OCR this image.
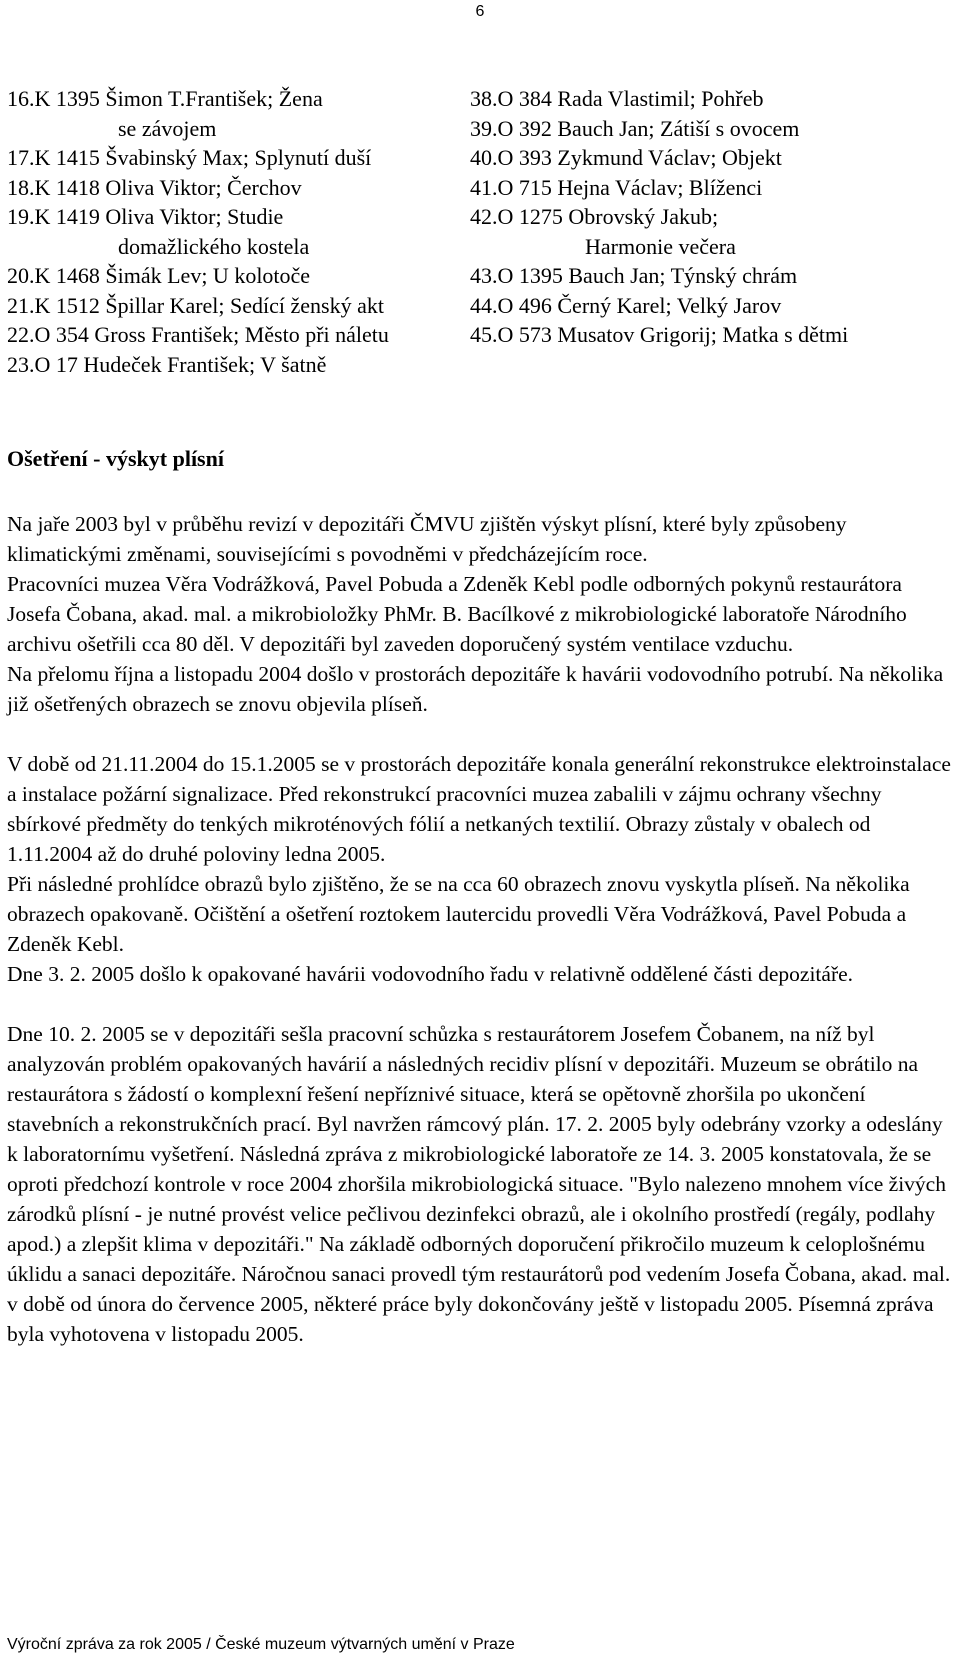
6
16.K 1395 Šimon T.František; Žena
se závojem
17.K 1415 Švabinský Max; Splynutí duší
18.K 1418 Oliva Viktor; Čerchov
19.K 1419 Oliva Viktor; Studie
domažlického kostela
20.K 1468 Šimák Lev; U kolotoče
21.K 1512 Špillar Karel; Sedící ženský akt
22.O 354 Gross František; Město při náletu
23.O 17 Hudeček František; V šatně
38.O 384 Rada Vlastimil; Pohřeb
39.O 392 Bauch Jan; Zátiší s ovocem
40.O 393 Zykmund Václav; Objekt
41.O 715 Hejna Václav; Blíženci
42.O 1275 Obrovský Jakub;
Harmonie večera
43.O 1395 Bauch Jan; Týnský chrám
44.O 496 Černý Karel; Velký Jarov
45.O 573 Musatov Grigorij; Matka s dětmi
Ošetření - výskyt plísní

Na jaře 2003 byl v průběhu revizí v depozitáři ČMVU zjištěn výskyt plísní, které byly způsobeny klimatickými změnami, souvisejícími s povodněmi v předcházejícím roce.

Pracovníci muzea Věra Vodrážková, Pavel Pobuda a Zdeněk Kebl podle odborných pokynů restaurátora Josefa Čobana, akad. mal. a mikrobioložky PhMr. B. Bacílkové z mikrobiologické laboratoře Národního archivu ošetřili cca 80 děl. V depozitáři byl zaveden doporučený systém ventilace vzduchu.

Na přelomu října a listopadu 2004 došlo v prostorách depozitáře k havárii vodovodního potrubí. Na několika již ošetřených obrazech se znovu objevila plíseň.

V době od 21.11.2004 do 15.1.2005 se v prostorách depozitáře konala generální rekonstrukce elektroinstalace a instalace požární signalizace. Před rekonstrukcí pracovníci muzea zabalili v zájmu ochrany všechny sbírkové předměty do tenkých mikroténových fólií a netkaných textilií. Obrazy zůstaly v obalech od 1.11.2004 až do druhé poloviny ledna 2005.

Při následné prohlídce obrazů bylo zjištěno, že se na cca 60 obrazech znovu vyskytla plíseň. Na několika obrazech opakovaně. Očištění a ošetření roztokem lautercidu provedli Věra Vodrážková, Pavel Pobuda a Zdeněk Kebl.

Dne 3. 2. 2005 došlo k opakované havárii vodovodního řadu v relativně oddělené části depozitáře.

Dne 10. 2. 2005 se v depozitáři sešla pracovní schůzka s restaurátorem Josefem Čobanem, na níž byl analyzován problém opakovaných havárií a následných recidiv plísní v depozitáři. Muzeum se obrátilo na restaurátora s žádostí o komplexní řešení nepříznivé situace, která se opětovně zhoršila po ukončení stavebních a rekonstrukčních prací. Byl navržen rámcový plán. 17. 2. 2005 byly odebrány vzorky a odeslány k laboratornímu vyšetření. Následná zpráva z mikrobiologické laboratoře ze 14. 3. 2005 konstatovala, že se oproti předchozí kontrole v roce 2004 zhoršila mikrobiologická situace. "Bylo nalezeno mnohem více živých zárodků plísní - je nutné provést velice pečlivou dezinfekci obrazů, ale i okolního prostředí (regály, podlahy apod.) a zlepšit klima v depozitáři." Na základě odborných doporučení přikročilo muzeum k celoplošnému úklidu a sanaci depozitáře. Náročnou sanaci provedl tým restaurátorů pod vedením Josefa Čobana, akad. mal. v době od února do července 2005, některé práce byly dokončovány ještě v listopadu 2005. Písemná zpráva byla vyhotovena v listopadu 2005.

Výroční zpráva za rok 2005 / České muzeum výtvarných umění v Praze
